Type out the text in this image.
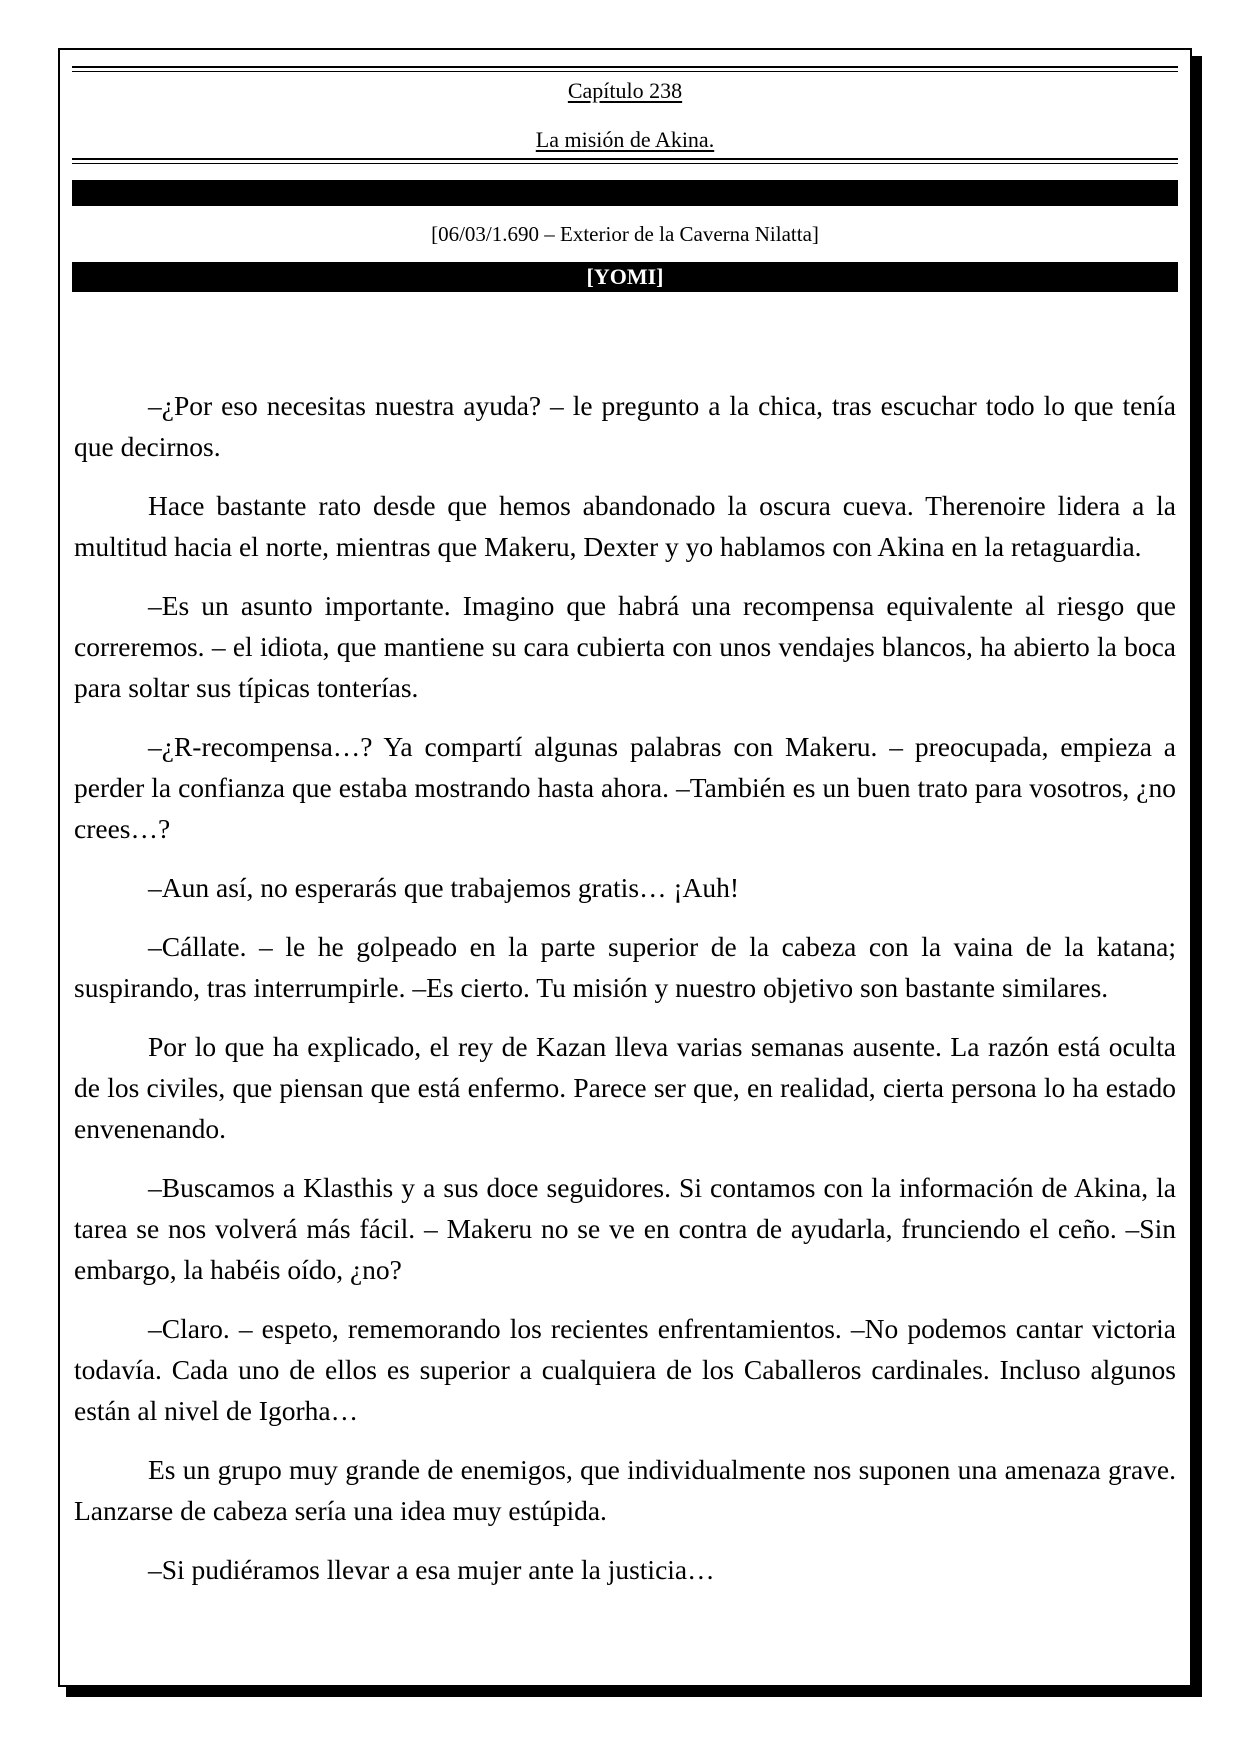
Capítulo 238
La misión de Akina.
[06/03/1.690 – Exterior de la Caverna Nilatta]
[YOMI]

–¿Por eso necesitas nuestra ayuda? – le pregunto a la chica, tras escuchar todo lo que tenía que decirnos.

Hace bastante rato desde que hemos abandonado la oscura cueva. Therenoire lidera a la multitud hacia el norte, mientras que Makeru, Dexter y yo hablamos con Akina en la retaguardia.

–Es un asunto importante. Imagino que habrá una recompensa equivalente al riesgo que correremos. – el idiota, que mantiene su cara cubierta con unos vendajes blancos, ha abierto la boca para soltar sus típicas tonterías.

–¿R-recompensa…? Ya compartí algunas palabras con Makeru. – preocupada, empieza a perder la confianza que estaba mostrando hasta ahora. –También es un buen trato para vosotros, ¿no crees…?

–Aun así, no esperarás que trabajemos gratis… ¡Auh!

–Cállate. – le he golpeado en la parte superior de la cabeza con la vaina de la katana; suspirando, tras interrumpirle. –Es cierto. Tu misión y nuestro objetivo son bastante similares.

Por lo que ha explicado, el rey de Kazan lleva varias semanas ausente. La razón está oculta de los civiles, que piensan que está enfermo. Parece ser que, en realidad, cierta persona lo ha estado envenenando.

–Buscamos a Klasthis y a sus doce seguidores. Si contamos con la información de Akina, la tarea se nos volverá más fácil. – Makeru no se ve en contra de ayudarla, frunciendo el ceño. –Sin embargo, la habéis oído, ¿no?

–Claro. – espeto, rememorando los recientes enfrentamientos. –No podemos cantar victoria todavía. Cada uno de ellos es superior a cualquiera de los Caballeros cardinales. Incluso algunos están al nivel de Igorha…

Es un grupo muy grande de enemigos, que individualmente nos suponen una amenaza grave. Lanzarse de cabeza sería una idea muy estúpida.

–Si pudiéramos llevar a esa mujer ante la justicia…
